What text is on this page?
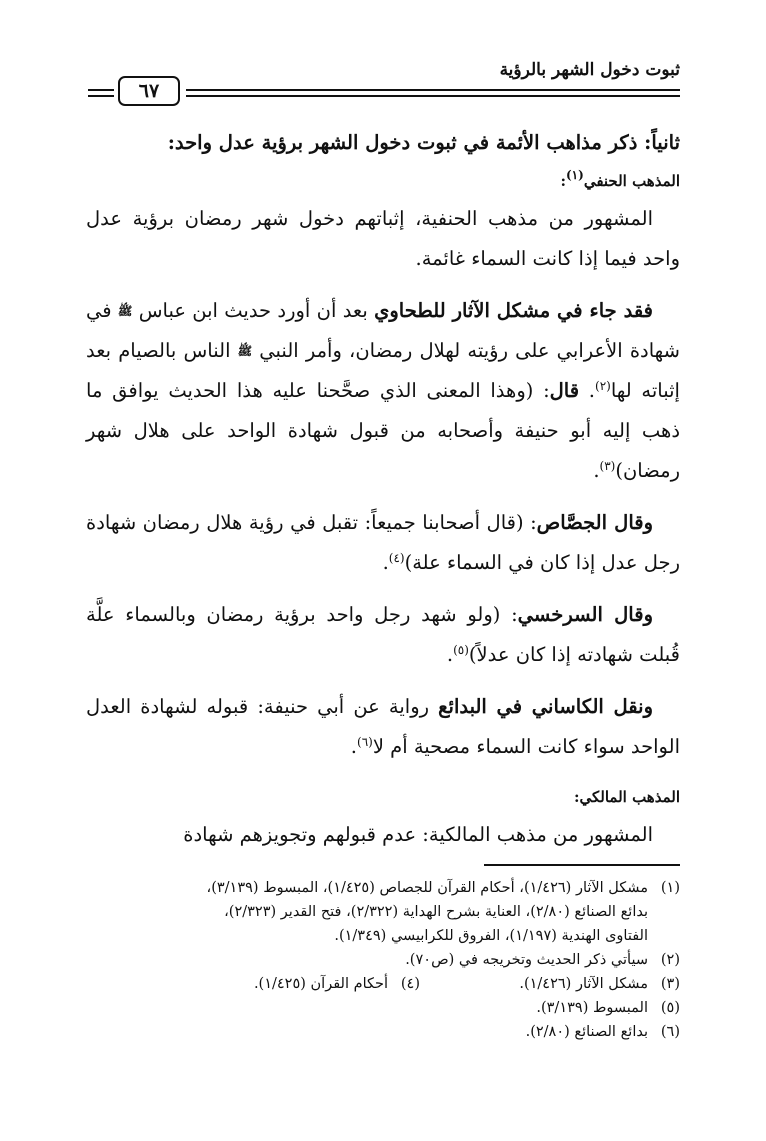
ثبوت دخول الشهر بالرؤية
٦٧

ثانياً: ذكر مذاهب الأئمة في ثبوت دخول الشهر برؤية عدل واحد:

المذهب الحنفي$^{(١)}$:

المشهور من مذهب الحنفية، إثباتهم دخول شهر رمضان برؤية عدل واحد فيما إذا كانت السماء غائمة.

فقد جاء في مشكل الآثار للطحاوي بعد أن أورد حديث ابن عباس ﷺ في شهادة الأعرابي على رؤيته لهلال رمضان، وأمر النبي ﷺ الناس بالصيام بعد إثباته لها$^{(٢)}$. قال: (وهذا المعنى الذي صحَّحنا عليه هذا الحديث يوافق ما ذهب إليه أبو حنيفة وأصحابه من قبول شهادة الواحد على هلال شهر رمضان)$^{(٣)}$.

وقال الجصَّاص: (قال أصحابنا جميعاً: تقبل في رؤية هلال رمضان شهادة رجل عدل إذا كان في السماء علة)$^{(٤)}$.

وقال السرخسي: (ولو شهد رجل واحد برؤية رمضان وبالسماء علَّة قُبلت شهادته إذا كان عدلاً)$^{(٥)}$.

ونقل الكاساني في البدائع رواية عن أبي حنيفة: قبوله لشهادة العدل الواحد سواء كانت السماء مصحية أم لا$^{(٦)}$.

المذهب المالكي:

المشهور من مذهب المالكية: عدم قبولهم وتجويزهم شهادة

(١)
مشكل الآثار (١/٤٢٦)، أحكام القرآن للجصاص (١/٤٢٥)، المبسوط (٣/١٣٩)،
بدائع الصنائع (٢/٨٠)، العناية بشرح الهداية (٢/٣٢٢)، فتح القدير (٢/٣٢٣)،
الفتاوى الهندية (١/١٩٧)، الفروق للكرابيسي (١/٣٤٩).
(٢)
سيأتي ذكر الحديث وتخريجه في (ص٧٠).
(٣)
مشكل الآثار (١/٤٢٦).
(٤)
أحكام القرآن (١/٤٢٥).
(٥)
المبسوط (٣/١٣٩).
(٦)
بدائع الصنائع (٢/٨٠).
